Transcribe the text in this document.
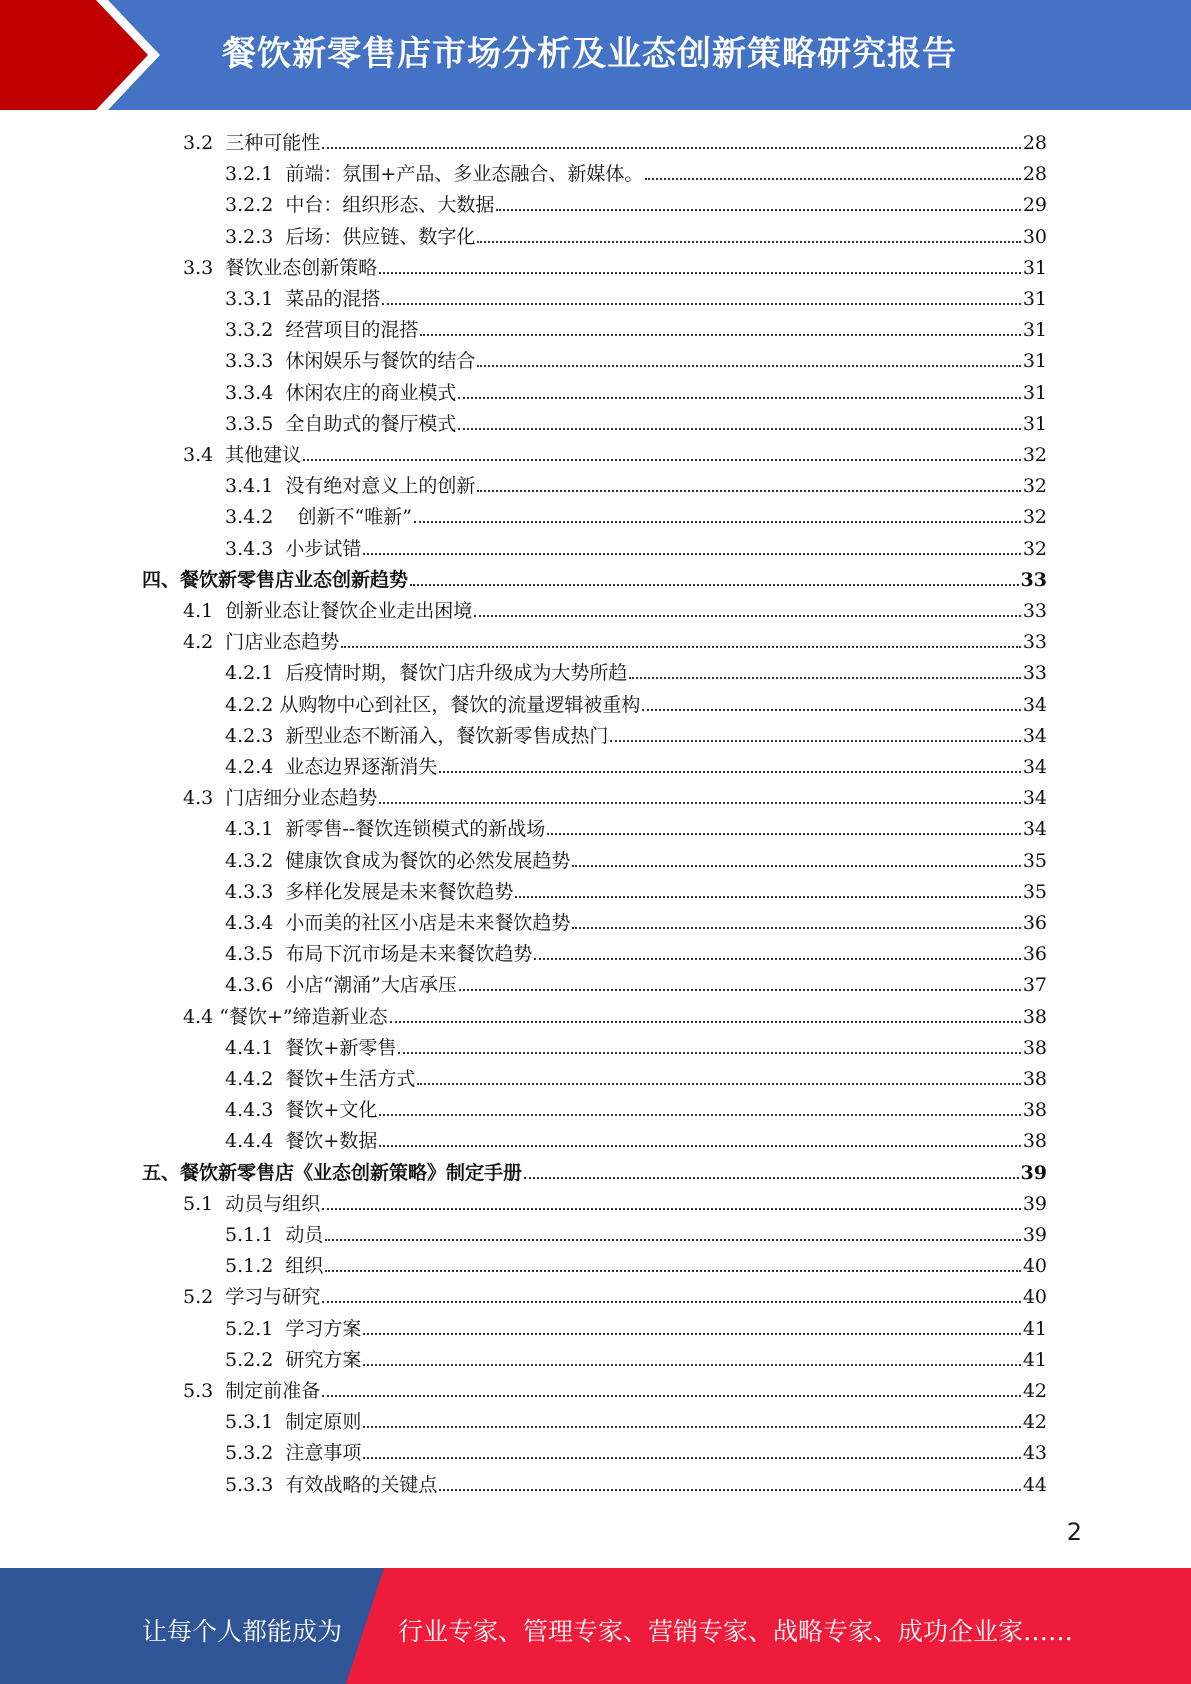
餐饮新零售店市场分析及业态创新策略研究报告
3.2  三种可能性	28
3.2.1  前端：氛围+产品、多业态融合、新媒体。	28
3.2.2  中台：组织形态、大数据	29
3.2.3  后场：供应链、数字化	30
3.3  餐饮业态创新策略	31
3.3.1  菜品的混搭	31
3.3.2  经营项目的混搭	31
3.3.3  休闲娱乐与餐饮的结合	31
3.3.4  休闲农庄的商业模式	31
3.3.5  全自助式的餐厅模式	31
3.4  其他建议	32
3.4.1  没有绝对意义上的创新	32
3.4.2    创新不“唯新”	32
3.4.3  小步试错	32
四、餐饮新零售店业态创新趋势	33
4.1  创新业态让餐饮企业走出困境	33
4.2  门店业态趋势	33
4.2.1  后疫情时期，餐饮门店升级成为大势所趋	33
4.2.2 从购物中心到社区，餐饮的流量逻辑被重构	34
4.2.3  新型业态不断涌入，餐饮新零售成热门	34
4.2.4  业态边界逐渐消失	34
4.3  门店细分业态趋势	34
4.3.1  新零售--餐饮连锁模式的新战场	34
4.3.2  健康饮食成为餐饮的必然发展趋势	35
4.3.3  多样化发展是未来餐饮趋势	35
4.3.4  小而美的社区小店是未来餐饮趋势	36
4.3.5  布局下沉市场是未来餐饮趋势	36
4.3.6  小店“潮涌”大店承压	37
4.4 “餐饮+”缔造新业态	38
4.4.1  餐饮+新零售	38
4.4.2  餐饮+生活方式	38
4.4.3  餐饮+文化	38
4.4.4  餐饮+数据	38
五、餐饮新零售店《业态创新策略》制定手册	39
5.1  动员与组织	39
5.1.1  动员	39
5.1.2  组织	40
5.2  学习与研究	40
5.2.1  学习方案	41
5.2.2  研究方案	41
5.3  制定前准备	42
5.3.1  制定原则	42
5.3.2  注意事项	43
5.3.3  有效战略的关键点	44
2
让每个人都能成为 行业专家、管理专家、营销专家、战略专家、成功企业家……
